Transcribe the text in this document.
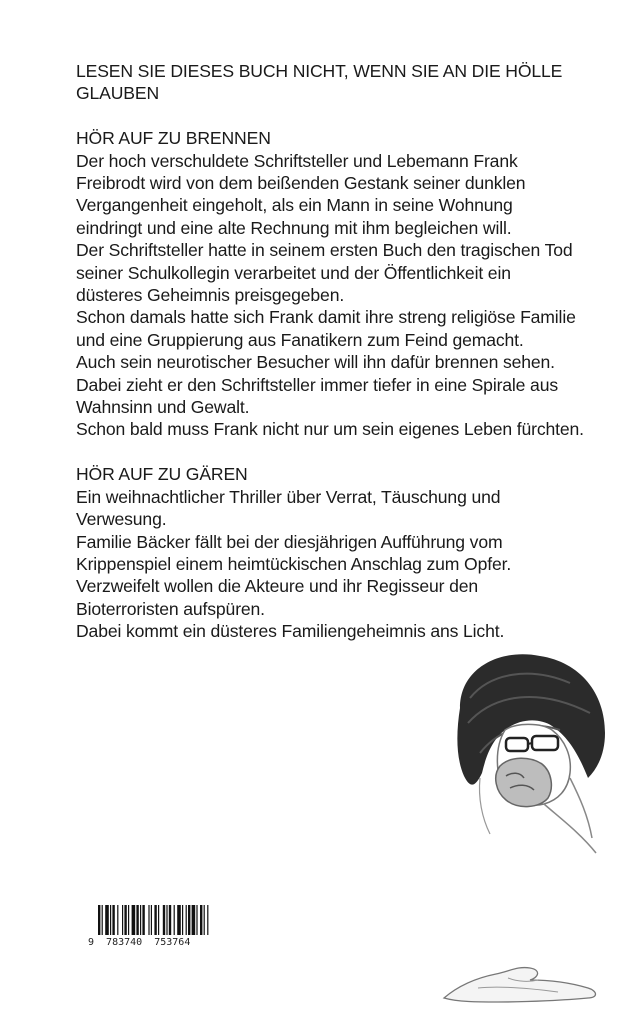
LESEN SIE DIESES BUCH NICHT, WENN SIE AN DIE HÖLLE

GLAUBEN

HÖR AUF ZU BRENNEN

Der hoch verschuldete Schriftsteller und Lebemann Frank

Freibrodt wird von dem beißenden Gestank seiner dunklen

Vergangenheit eingeholt, als ein Mann in seine Wohnung

eindringt und eine alte Rechnung mit ihm begleichen will.

Der Schriftsteller hatte in seinem ersten Buch den tragischen Tod

seiner Schulkollegin verarbeitet und der Öffentlichkeit ein

düsteres Geheimnis preisgegeben.

Schon damals hatte sich Frank damit ihre streng religiöse Familie

und eine Gruppierung aus Fanatikern zum Feind gemacht.

Auch sein neurotischer Besucher will ihn dafür brennen sehen.

Dabei zieht er den Schriftsteller immer tiefer in eine Spirale aus

Wahnsinn und Gewalt.

Schon bald muss Frank nicht nur um sein eigenes Leben fürchten.

HÖR AUF ZU GÄREN

Ein weihnachtlicher Thriller über Verrat, Täuschung und

Verwesung.

Familie Bäcker fällt bei der diesjährigen Aufführung vom

Krippenspiel einem heimtückischen Anschlag zum Opfer.

Verzweifelt wollen die Akteure und ihr Regisseur den

Bioterroristen aufspüren.

Dabei kommt ein düsteres Familiengeheimnis ans Licht.

9  783740  753764
